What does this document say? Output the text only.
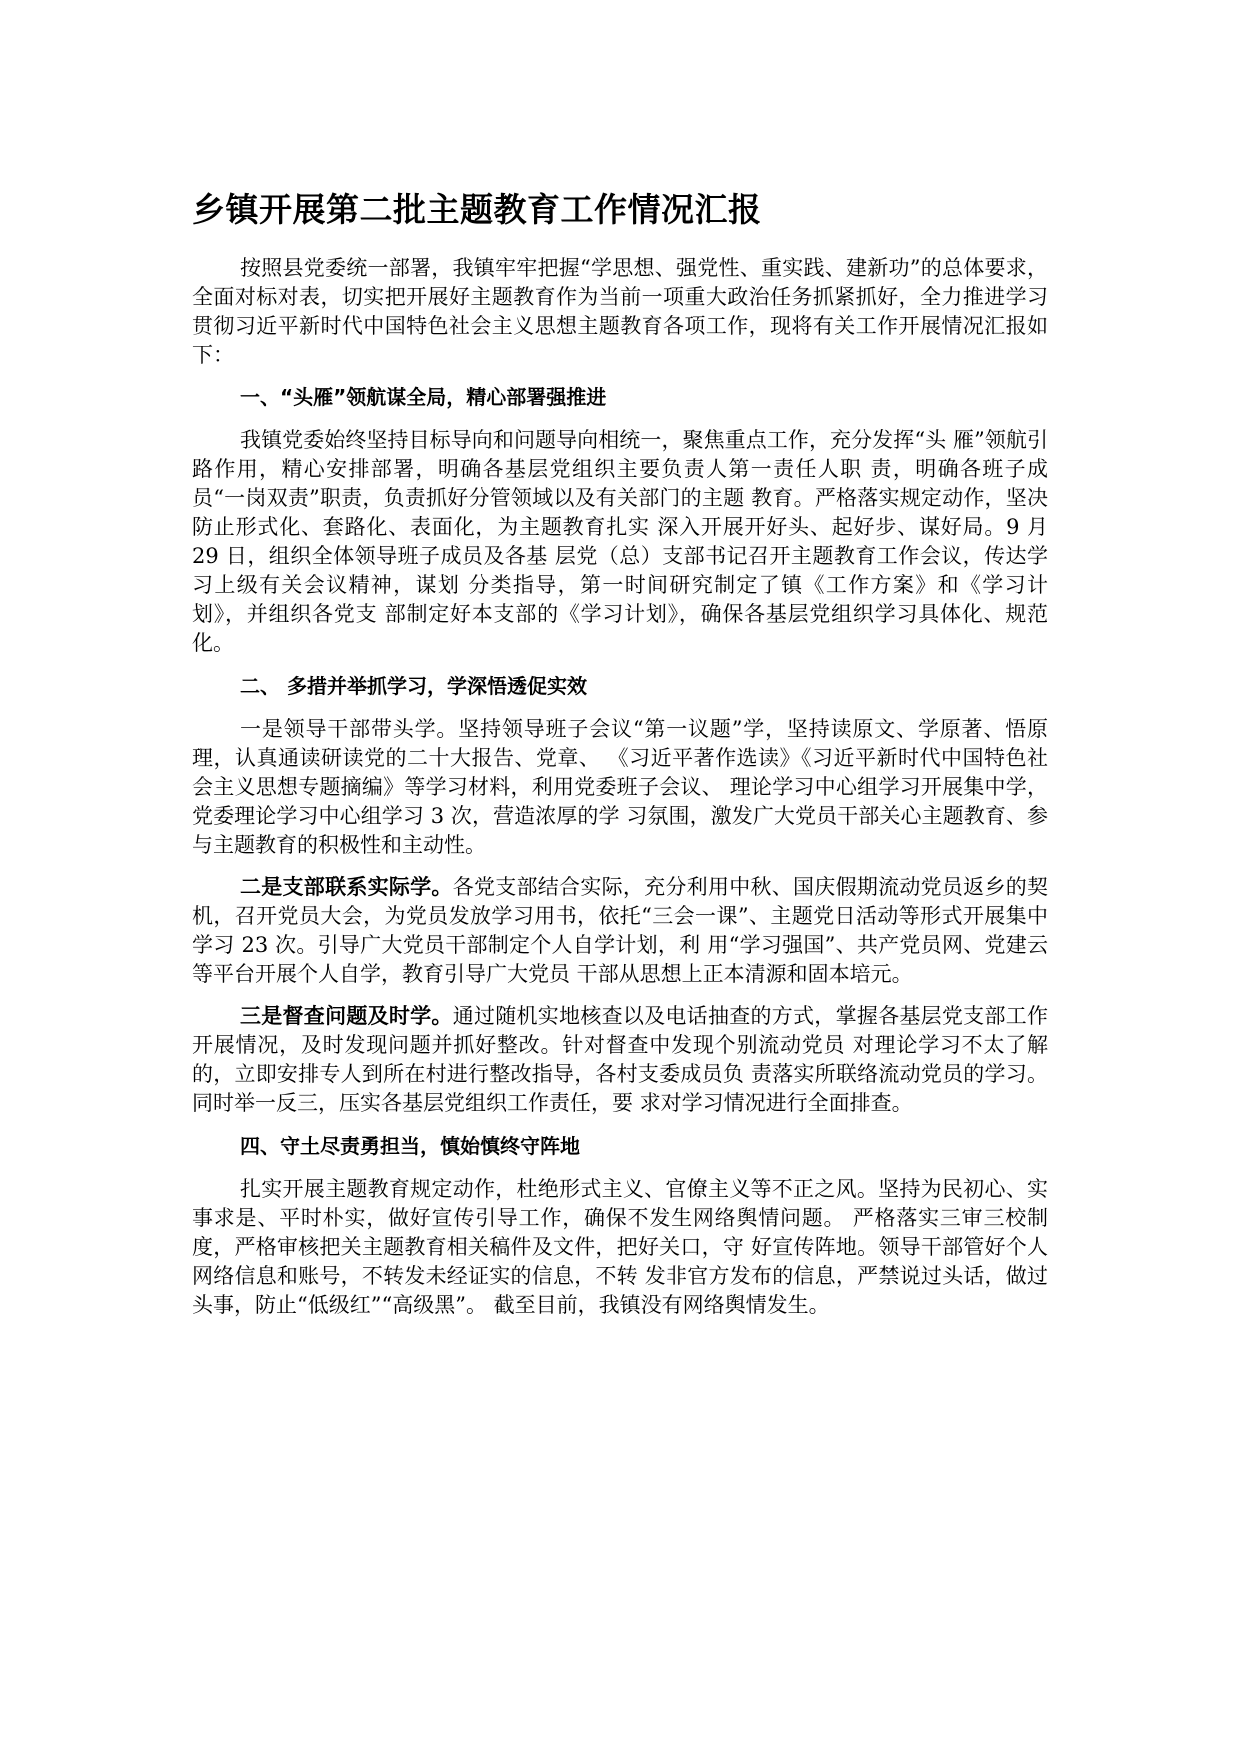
乡镇开展第二批主题教育工作情况汇报

按照县党委统一部署，我镇牢牢把握“学思想、强党性、重实践、建新功”的总体要求，全面对标对表，切实把开展好主题教育作为当前一项重大政治任务抓紧抓好，全力推进学习贯彻习近平新时代中国特色社会主义思想主题教育各项工作，现将有关工作开展情况汇报如下：

一、“头雁”领航谋全局，精心部署强推进

我镇党委始终坚持目标导向和问题导向相统一，聚焦重点工作，充分发挥“头 雁”领航引路作用，精心安排部署，明确各基层党组织主要负责人第一责任人职 责，明确各班子成员“一岗双责”职责，负责抓好分管领域以及有关部门的主题 教育。严格落实规定动作，坚决防止形式化、套路化、表面化，为主题教育扎实 深入开展开好头、起好步、谋好局。9 月 29 日，组织全体领导班子成员及各基 层党（总）支部书记召开主题教育工作会议，传达学习上级有关会议精神，谋划 分类指导，第一时间研究制定了镇《工作方案》和《学习计划》，并组织各党支 部制定好本支部的《学习计划》，确保各基层党组织学习具体化、规范化。

二、 多措并举抓学习，学深悟透促实效

一是领导干部带头学。坚持领导班子会议“第一议题”学，坚持读原文、学原著、悟原理，认真通读研读党的二十大报告、党章、 《习近平著作选读》《习近平新时代中国特色社会主义思想专题摘编》等学习材料，利用党委班子会议、 理论学习中心组学习开展集中学，党委理论学习中心组学习 3 次，营造浓厚的学 习氛围，激发广大党员干部关心主题教育、参与主题教育的积极性和主动性。

二是支部联系实际学。各党支部结合实际，充分利用中秋、国庆假期流动党员返乡的契机，召开党员大会，为党员发放学习用书，依托“三会一课”、主题党日活动等形式开展集中学习 23 次。引导广大党员干部制定个人自学计划，利 用“学习强国”、共产党员网、党建云等平台开展个人自学，教育引导广大党员 干部从思想上正本清源和固本培元。

三是督查问题及时学。通过随机实地核查以及电话抽查的方式，掌握各基层党支部工作开展情况，及时发现问题并抓好整改。针对督查中发现个别流动党员 对理论学习不太了解的，立即安排专人到所在村进行整改指导，各村支委成员负 责落实所联络流动党员的学习。同时举一反三，压实各基层党组织工作责任，要 求对学习情况进行全面排查。

四、守土尽责勇担当，慎始慎终守阵地

扎实开展主题教育规定动作，杜绝形式主义、官僚主义等不正之风。坚持为民初心、实事求是、平时朴实，做好宣传引导工作，确保不发生网络舆情问题。 严格落实三审三校制度，严格审核把关主题教育相关稿件及文件，把好关口，守 好宣传阵地。领导干部管好个人网络信息和账号，不转发未经证实的信息，不转 发非官方发布的信息，严禁说过头话，做过头事，防止“低级红”“高级黑”。 截至目前，我镇没有网络舆情发生。
